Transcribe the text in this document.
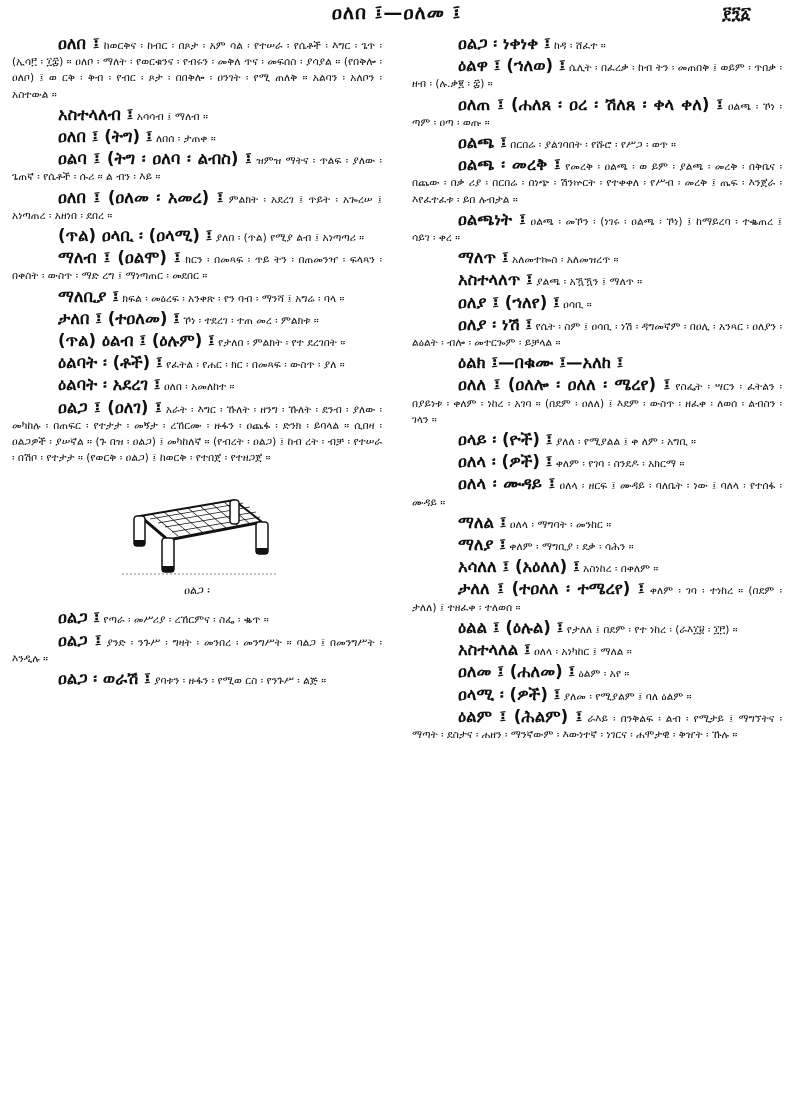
ዐለበ ፤—ዐለመ ፤	፻፺፩
ዐለበ ፤ ከወርቅና ፡ ከብር ፡ በጾታ ፡ አም ሳል ፡ የተሠራ ፡ የሴቶች ፡ እግር ፡ ጌጥ ፡ (ኢሳ፫ ፡ ፲፰) ። ዐለቦ ፡ ማለት ፡ የወርቁንና ፡ የብሩን ፡ መቅለ ጥና ፡ መፍሰስ ፡ ያሳያል ። (የበቅሎ ፡ ዐለቦ) ፤ ወ ርቅ ፡ ቅብ ፡ የብር ፡ ጾታ ፡ በበቅሎ ፡ ዐንገት ፡ የሚ ጠለቅ ። አልባን ፡ አለቦን ፡ አስተውል ።
አስተላለብ ፤ አሳሳብ ፤ ማለብ ።
ዐለበ ፤ (ትግ) ፤ ለበሰ ፡ ታጠቀ ።
ዐልባ ፤ (ትግ ፡ ዐለባ ፡ ልብስ) ፤ ዝምዝ ማትና ፡ ጥልፍ ፡ ያለው ፡ ጌጠኛ ፡ የሴቶች ፡ ሱሪ ። ል ብን ፡ እይ ።
ዐለበ ፤ (ዐለመ ፡ አመረ) ፤ ምልክት ፡ አደረገ ፤ ጥይት ፡ አጐረሠ ፤ አነጣጠረ ፡ አዘነበ ፡ ደበረ ።
(ጥል) ዐላቢ ፡ (ዐላሚ) ፤ ያለበ ፡ (ጥል) የሚያ ልብ ፤ አነጣጣሪ ።
ማለብ ፤ (ዐልሞ) ፤ ክርን ፡ በመጻፍ ፡ ጥይ ትን ፡ በጠመንዣ ፡ ፍላጻን ፡ በቀስት ፡ ውስጥ ፡ ማድ ረግ ፤ ማነጣጠር ፡ መደበር ።
ማለቢያ ፤ ክፍል ፡ መዕረፍ ፡ አንቀጽ ፡ የን ባብ ፡ ማንሻ ፤ አግሬ ፡ ባላ ።
ታለበ ፤ (ተዐለመ) ፤ ኾነ ፡ ተደረገ ፡ ተጠ መረ ፡ ምልክቱ ።
(ጥል) ዕልብ ፤ (ዕሉም) ፤ የታለበ ፡ ምልክት ፡ የተ ደረገበት ።
ዕልባት ፡ (ቶች) ፤ የፈትል ፡ የሐር ፡ ክር ፡ በመጻፍ ፡ ውስጥ ፡ ያለ ።
ዕልባት ፡ አደረገ ፤ ዐለበ ፡ አመለከተ ።
ዐልጋ ፤ (ዐለገ) ፤ አራት ፡ እግር ፡ ኹለት ፡ ዘንግ ፡ ኹለት ፡ ደንብ ፡ ያለው ፡ መካከሉ ፡ በጠፍር ፡ የተታታ ፡ መኝታ ፡ ረኸርሙ ፡ ዙፋን ፡ ዐጨፋ ፡ ድንክ ፡ ይባላል ። ሲበዛ ፡ ዐልጋዎች ፡ ያሠኛል ። (ጉ በዝ ፡ ዐልጋ) ፤ መካከለኛ ። (የብረት ፡ ዐልጋ) ፤ ከብ ረት ፡ ብቻ ፡ የተሠራ ፡ በሽቦ ፡ የተታታ ። (የወርቅ ፡ ዐልጋ) ፤ ከወርቅ ፡ የተበጀ ፡ የተዘጋጀ ።
ዐልጋ ፡
ዐልጋ ፤ የጣራ ፡ መሥሪያ ፡ ረኸርምና ፡ ስፌ ፡ ቈጥ ።
ዐልጋ ፤ ያንድ ፡ ንጉሥ ፡ ግዛት ፡ መንበረ ፡ መንግሥት ። ባልጋ ፤ በመንግሥት ፡ እንዲሉ ።
ዐልጋ ፡ ወራሽ ፤ ያባቱን ፡ ዙፋን ፡ የሚወ ርስ ፡ የንጉሥ ፡ ልጅ ።
ዐልጋ ፡ ነቀነቀ ፤ ከዳ ፡ ሸፈተ ።
ዕልዋ ፤ (ኀለወ) ፤ ሴሊት ፡ በፈረቃ ፡ ከብ ትን ፡ መጠበቅ ፤ ወይም ፡ ጥበቃ ፡ ዘብ ፡ (ሉ.ቃ፪ ፡ ፰) ።
ዐለጠ ፤ (ሐለጸ ፡ ዐረ ፡ ሽለጸ ፡ ቀላ ቀለ) ፤ ዐልጫ ፡ ኾነ ፡ ጣም ፡ ዐጣ ፡ ወጡ ።
ዐልጫ ፤ በርበሬ ፡ ያልገባበት ፡ የሹሮ ፡ የሥጋ ፡ ወጥ ።
ዐልጫ ፡ መረቅ ፤ የመረቅ ፡ ዐልጫ ፡ ወ ይም ፡ ያልጫ ፡ መረቅ ፡ በቅቤና ፡ በጨው ፡ በቃ ሪያ ፡ በርበሬ ፡ በነጭ ፡ ሽንኵርት ፡ የተቀቀለ ፡ የሥብ ፡ መረቅ ፤ ጤፍ ፡ እንጀራ ፡ እየፈተፈቱ ፡ ይበ ሉብታል ።
ዐልጫነት ፤ ዐልጫ ፡ መኾን ፡ (ነገሩ ፡ ዐልጫ ፡ ኾነ) ፤ ከማይረባ ፡ ተቈጠረ ፤ ሳይገ ፡ ቀረ ።
ማለጥ ፤ አለመተኰስ ፡ አለመዝረጥ ።
አስተላለጥ ፤ ያልጫ ፡ አዃዃን ፤ ማለጥ ።
ዐለያ ፤ (ኀለየ) ፤ ዐሳቢ ።
ዐለያ ፡ ነሽ ፤ የሴት ፡ ስም ፤ ዐሳቢ ፡ ነሽ ፡ ዳግመኛም ፡ በዐሊ ፡ አንጻር ፡ ዐለያን ፡ ልዕልት ፡ ብሎ ፡ መተርጐም ፡ ይቻላል ።
ዕልክ ፤—በቁሙ ፤—አለከ ፤
ዐለለ ፤ (ዐለሎ ፡ ዐለለ ፡ ሜረየ) ፤ የስፌት ፡ ሣርን ፡ ፈትልን ፡ በያይነቱ ፡ ቀለም ፡ ነከረ ፡ አገባ ። (በደም ፡ ዐለለ) ፤ እደም ፡ ውስጥ ፡ ዘፈቀ ፡ ለወሰ ፡ ልብስን ፡ ገላን ።
ዐላይ ፡ (ዮች) ፤ ያለለ ፡ የሚያልል ፤ ቀ ለም ፡ አግቢ ።
ዐለላ ፡ (ዎች) ፤ ቀለም ፡ የገባ ፡ ስንደዶ ፡ አክርማ ።
ዐለላ ፡ ሙዳይ ፤ ዐለላ ፡ ዘርፍ ፤ ሙዳይ ፡ ባለቤት ፡ ነው ፤ ባለላ ፡ የተሰፋ ፡ ሙዳይ ።
ማለል ፤ ዐለላ ፡ ማግባት ፡ መንከር ።
ማለያ ፤ ቀለም ፡ ማግቢያ ፡ ደቃ ፡ ሳሕን ።
አሳለለ ፤ (አዕለለ) ፤ አስነከረ ፡ በቀለም ።
ታለለ ፤ (ተዐለለ ፡ ተሜረየ) ፤ ቀለም ፡ ገባ ፡ ተነከረ ። (በደም ፡ ታለለ) ፤ ተዘፈቀ ፡ ተለወሰ ።
ዕልል ፤ (ዕሉል) ፤ የታለለ ፤ በደም ፡ የተ ነከረ ፡ (ራእ፲፱ ፡ ፲፫) ።
አስተላለል ፤ ዐለላ ፡ አነካከር ፤ ማለል ።
ዐለመ ፤ (ሐለመ) ፤ ዕልም ፡ አየ ።
ዐላሚ ፡ (ዎች) ፤ ያለመ ፡ የሚያልም ፤ ባለ ዕልም ።
ዕልም ፤ (ሕልም) ፤ ራእይ ፡ በንቅልፍ ፡ ልብ ፡ የሚታይ ፤ ማግኘትና ፡ ማጣት ፡ ደስታና ፡ ሐዘን ፡ ማንኛውም ፡ እውነተኛ ፡ ነገርና ፡ ሐሞታዊ ፡ ቅዠት ፡ ኹሉ ።
